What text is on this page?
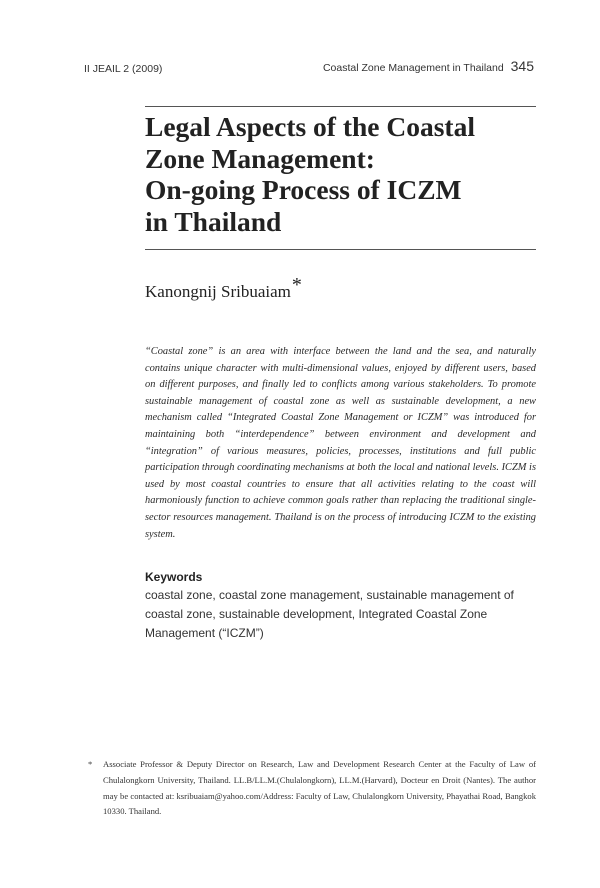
II JEAIL 2 (2009)	Coastal Zone Management in Thailand 345
Legal Aspects of the Coastal
Zone Management:
On-going Process of ICZM
in Thailand
Kanongnij Sribuaiam*

“Coastal zone” is an area with interface between the land and the sea, and naturally contains unique character with multi-dimensional values, enjoyed by different users, based on different purposes, and finally led to conflicts among various stakeholders. To promote sustainable management of coastal zone as well as sustainable development, a new mechanism called “Integrated Coastal Zone Management or ICZM” was introduced for maintaining both “interdependence” between environment and development and “integration” of various measures, policies, processes, institutions and full public participation through coordinating mechanisms at both the local and national levels. ICZM is used by most coastal countries to ensure that all activities relating to the coast will harmoniously function to achieve common goals rather than replacing the traditional single-sector resources management. Thailand is on the process of introducing ICZM to the existing system.

Keywords

coastal zone, coastal zone management, sustainable management of coastal zone, sustainable development, Integrated Coastal Zone Management (“ICZM”)

* Associate Professor & Deputy Director on Research, Law and Development Research Center at the Faculty of Law of Chulalongkorn University, Thailand. LL.B/LL.M.(Chulalongkorn), LL.M.(Harvard), Docteur en Droit (Nantes). The author may be contacted at: ksribuaiam@yahoo.com/Address: Faculty of Law, Chulalongkorn University, Phayathai Road, Bangkok 10330. Thailand.
